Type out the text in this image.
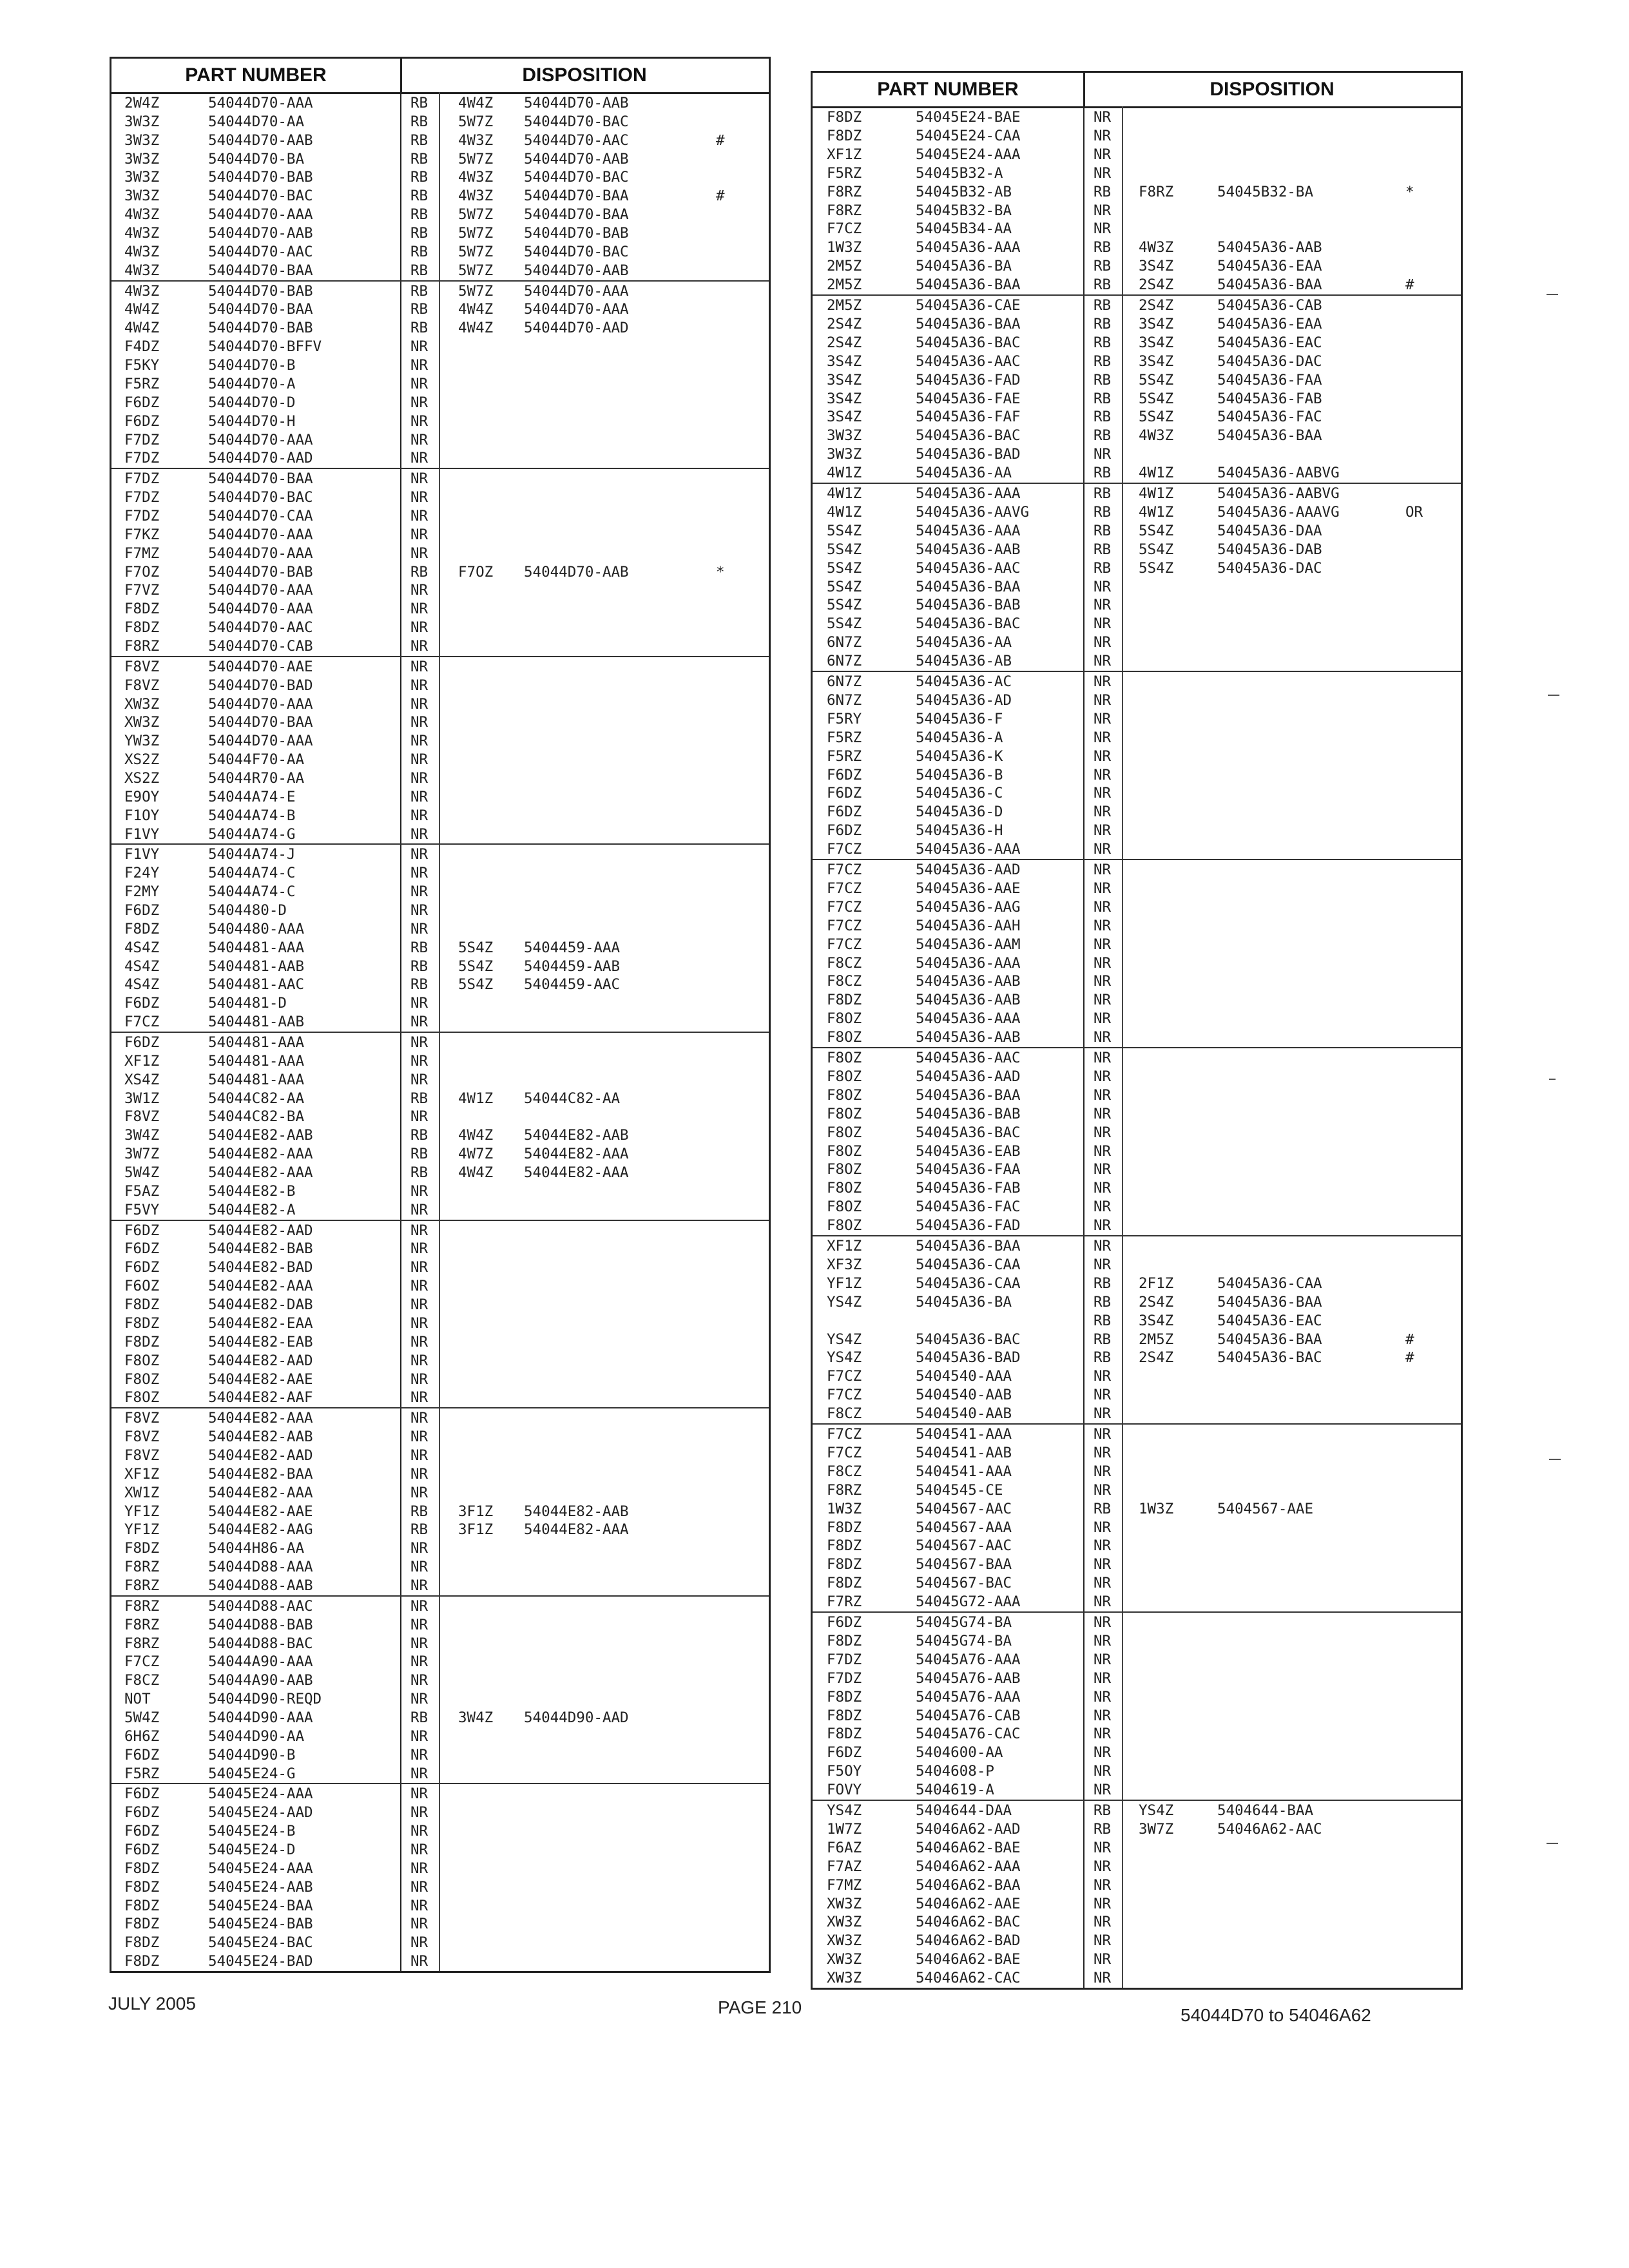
PART NUMBER	DISPOSITION
2W4Z	54044D70-AAA	RB 4W4Z 54044D70-AAB
3W3Z	54044D70-AA	RB 5W7Z 54044D70-BAC
3W3Z	54044D70-AAB	RB 4W3Z 54044D70-AAC	#
3W3Z	54044D70-BA	RB 5W7Z 54044D70-AAB
3W3Z	54044D70-BAB	RB 4W3Z 54044D70-BAC
3W3Z	54044D70-BAC	RB 4W3Z 54044D70-BAA	#
4W3Z	54044D70-AAA	RB 5W7Z 54044D70-BAA
4W3Z	54044D70-AAB	RB 5W7Z 54044D70-BAB
4W3Z	54044D70-AAC	RB 5W7Z 54044D70-BAC
4W3Z	54044D70-BAA	RB 5W7Z 54044D70-AAB
4W3Z	54044D70-BAB	RB 5W7Z 54044D70-AAA
4W4Z	54044D70-BAA	RB 4W4Z 54044D70-AAA
4W4Z	54044D70-BAB	RB 4W4Z 54044D70-AAD
F4DZ	54044D70-BFFV	NR
F5KY	54044D70-B	NR
F5RZ	54044D70-A	NR
F6DZ	54044D70-D	NR
F6DZ	54044D70-H	NR
F7DZ	54044D70-AAA	NR
F7DZ	54044D70-AAD	NR
F7DZ	54044D70-BAA	NR
F7DZ	54044D70-BAC	NR
F7DZ	54044D70-CAA	NR
F7KZ	54044D70-AAA	NR
F7MZ	54044D70-AAA	NR
F7OZ	54044D70-BAB	RB F7OZ 54044D70-AAB	*
F7VZ	54044D70-AAA	NR
F8DZ	54044D70-AAA	NR
F8DZ	54044D70-AAC	NR
F8RZ	54044D70-CAB	NR
F8VZ	54044D70-AAE	NR
F8VZ	54044D70-BAD	NR
XW3Z	54044D70-AAA	NR
XW3Z	54044D70-BAA	NR
YW3Z	54044D70-AAA	NR
XS2Z	54044F70-AA	NR
XS2Z	54044R70-AA	NR
E9OY	54044A74-E	NR
F1OY	54044A74-B	NR
F1VY	54044A74-G	NR
F1VY	54044A74-J	NR
F24Y	54044A74-C	NR
F2MY	54044A74-C	NR
F6DZ	5404480-D	NR
F8DZ	5404480-AAA	NR
4S4Z	5404481-AAA	RB 5S4Z 5404459-AAA
4S4Z	5404481-AAB	RB 5S4Z 5404459-AAB
4S4Z	5404481-AAC	RB 5S4Z 5404459-AAC
F6DZ	5404481-D	NR
F7CZ	5404481-AAB	NR
F6DZ	5404481-AAA	NR
XF1Z	5404481-AAA	NR
XS4Z	5404481-AAA	NR
3W1Z	54044C82-AA	RB 4W1Z 54044C82-AA
F8VZ	54044C82-BA	NR
3W4Z	54044E82-AAB	RB 4W4Z 54044E82-AAB
3W7Z	54044E82-AAA	RB 4W7Z 54044E82-AAA
5W4Z	54044E82-AAA	RB 4W4Z 54044E82-AAA
F5AZ	54044E82-B	NR
F5VY	54044E82-A	NR
F6DZ	54044E82-AAD	NR
F6DZ	54044E82-BAB	NR
F6DZ	54044E82-BAD	NR
F6OZ	54044E82-AAA	NR
F8DZ	54044E82-DAB	NR
F8DZ	54044E82-EAA	NR
F8DZ	54044E82-EAB	NR
F8OZ	54044E82-AAD	NR
F8OZ	54044E82-AAE	NR
F8OZ	54044E82-AAF	NR
F8VZ	54044E82-AAA	NR
F8VZ	54044E82-AAB	NR
F8VZ	54044E82-AAD	NR
XF1Z	54044E82-BAA	NR
XW1Z	54044E82-AAA	NR
YF1Z	54044E82-AAE	RB 3F1Z 54044E82-AAB
YF1Z	54044E82-AAG	RB 3F1Z 54044E82-AAA
F8DZ	54044H86-AA	NR
F8RZ	54044D88-AAA	NR
F8RZ	54044D88-AAB	NR
F8RZ	54044D88-AAC	NR
F8RZ	54044D88-BAB	NR
F8RZ	54044D88-BAC	NR
F7CZ	54044A90-AAA	NR
F8CZ	54044A90-AAB	NR
NOT	54044D90-REQD	NR
5W4Z	54044D90-AAA	RB 3W4Z 54044D90-AAD
6H6Z	54044D90-AA	NR
F6DZ	54044D90-B	NR
F5RZ	54045E24-G	NR
F6DZ	54045E24-AAA	NR
F6DZ	54045E24-AAD	NR
F6DZ	54045E24-B	NR
F6DZ	54045E24-D	NR
F8DZ	54045E24-AAA	NR
F8DZ	54045E24-AAB	NR
F8DZ	54045E24-BAA	NR
F8DZ	54045E24-BAB	NR
F8DZ	54045E24-BAC	NR
F8DZ	54045E24-BAD	NR
PART NUMBER	DISPOSITION
F8DZ	54045E24-BAE	NR
F8DZ	54045E24-CAA	NR
XF1Z	54045E24-AAA	NR
F5RZ	54045B32-A	NR
F8RZ	54045B32-AB	RB F8RZ	54045B32-BA	*
F8RZ	54045B32-BA	NR
F7CZ	54045B34-AA	NR
1W3Z	54045A36-AAA	RB 4W3Z	54045A36-AAB
2M5Z	54045A36-BA	RB 3S4Z	54045A36-EAA
2M5Z	54045A36-BAA	RB 2S4Z	54045A36-BAA	#
2M5Z	54045A36-CAE	RB 2S4Z	54045A36-CAB
2S4Z	54045A36-BAA	RB 3S4Z	54045A36-EAA
2S4Z	54045A36-BAC	RB 3S4Z	54045A36-EAC
3S4Z	54045A36-AAC	RB 3S4Z	54045A36-DAC
3S4Z	54045A36-FAD	RB 5S4Z	54045A36-FAA
3S4Z	54045A36-FAE	RB 5S4Z	54045A36-FAB
3S4Z	54045A36-FAF	RB 5S4Z	54045A36-FAC
3W3Z	54045A36-BAC	RB 4W3Z	54045A36-BAA
3W3Z	54045A36-BAD	NR
4W1Z	54045A36-AA	RB 4W1Z	54045A36-AABVG
4W1Z	54045A36-AAA	RB 4W1Z	54045A36-AABVG
4W1Z	54045A36-AAVG	RB 4W1Z	54045A36-AAAVG	OR
5S4Z	54045A36-AAA	RB 5S4Z	54045A36-DAA
5S4Z	54045A36-AAB	RB 5S4Z	54045A36-DAB
5S4Z	54045A36-AAC	RB 5S4Z	54045A36-DAC
5S4Z	54045A36-BAA	NR
5S4Z	54045A36-BAB	NR
5S4Z	54045A36-BAC	NR
6N7Z	54045A36-AA	NR
6N7Z	54045A36-AB	NR
6N7Z	54045A36-AC	NR
6N7Z	54045A36-AD	NR
F5RY	54045A36-F	NR
F5RZ	54045A36-A	NR
F5RZ	54045A36-K	NR
F6DZ	54045A36-B	NR
F6DZ	54045A36-C	NR
F6DZ	54045A36-D	NR
F6DZ	54045A36-H	NR
F7CZ	54045A36-AAA	NR
F7CZ	54045A36-AAD	NR
F7CZ	54045A36-AAE	NR
F7CZ	54045A36-AAG	NR
F7CZ	54045A36-AAH	NR
F7CZ	54045A36-AAM	NR
F8CZ	54045A36-AAA	NR
F8CZ	54045A36-AAB	NR
F8DZ	54045A36-AAB	NR
F8OZ	54045A36-AAA	NR
F8OZ	54045A36-AAB	NR
F8OZ	54045A36-AAC	NR
F8OZ	54045A36-AAD	NR
F8OZ	54045A36-BAA	NR
F8OZ	54045A36-BAB	NR
F8OZ	54045A36-BAC	NR
F8OZ	54045A36-EAB	NR
F8OZ	54045A36-FAA	NR
F8OZ	54045A36-FAB	NR
F8OZ	54045A36-FAC	NR
F8OZ	54045A36-FAD	NR
XF1Z	54045A36-BAA	NR
XF3Z	54045A36-CAA	NR
YF1Z	54045A36-CAA	RB 2F1Z	54045A36-CAA
YS4Z	54045A36-BA	RB 2S4Z	54045A36-BAA
RB 3S4Z	54045A36-EAC
YS4Z	54045A36-BAC	RB 2M5Z	54045A36-BAA	#
YS4Z	54045A36-BAD	RB 2S4Z	54045A36-BAC	#
F7CZ	5404540-AAA	NR
F7CZ	5404540-AAB	NR
F8CZ	5404540-AAB	NR
F7CZ	5404541-AAA	NR
F7CZ	5404541-AAB	NR
F8CZ	5404541-AAA	NR
F8RZ	5404545-CE	NR
1W3Z	5404567-AAC	RB 1W3Z	5404567-AAE
F8DZ	5404567-AAA	NR
F8DZ	5404567-AAC	NR
F8DZ	5404567-BAA	NR
F8DZ	5404567-BAC	NR
F7RZ	54045G72-AAA	NR
F6DZ	54045G74-BA	NR
F8DZ	54045G74-BA	NR
F7DZ	54045A76-AAA	NR
F7DZ	54045A76-AAB	NR
F8DZ	54045A76-AAA	NR
F8DZ	54045A76-CAB	NR
F8DZ	54045A76-CAC	NR
F6DZ	5404600-AA	NR
F5OY	5404608-P	NR
FOVY	5404619-A	NR
YS4Z	5404644-DAA	RB YS4Z	5404644-BAA
1W7Z	54046A62-AAD	RB 3W7Z	54046A62-AAC
F6AZ	54046A62-BAE	NR
F7AZ	54046A62-AAA	NR
F7MZ	54046A62-BAA	NR
XW3Z	54046A62-AAE	NR
XW3Z	54046A62-BAC	NR
XW3Z	54046A62-BAD	NR
XW3Z	54046A62-BAE	NR
XW3Z	54046A62-CAC	NR
JULY 2005	PAGE 210	54044D70 to 54046A62
